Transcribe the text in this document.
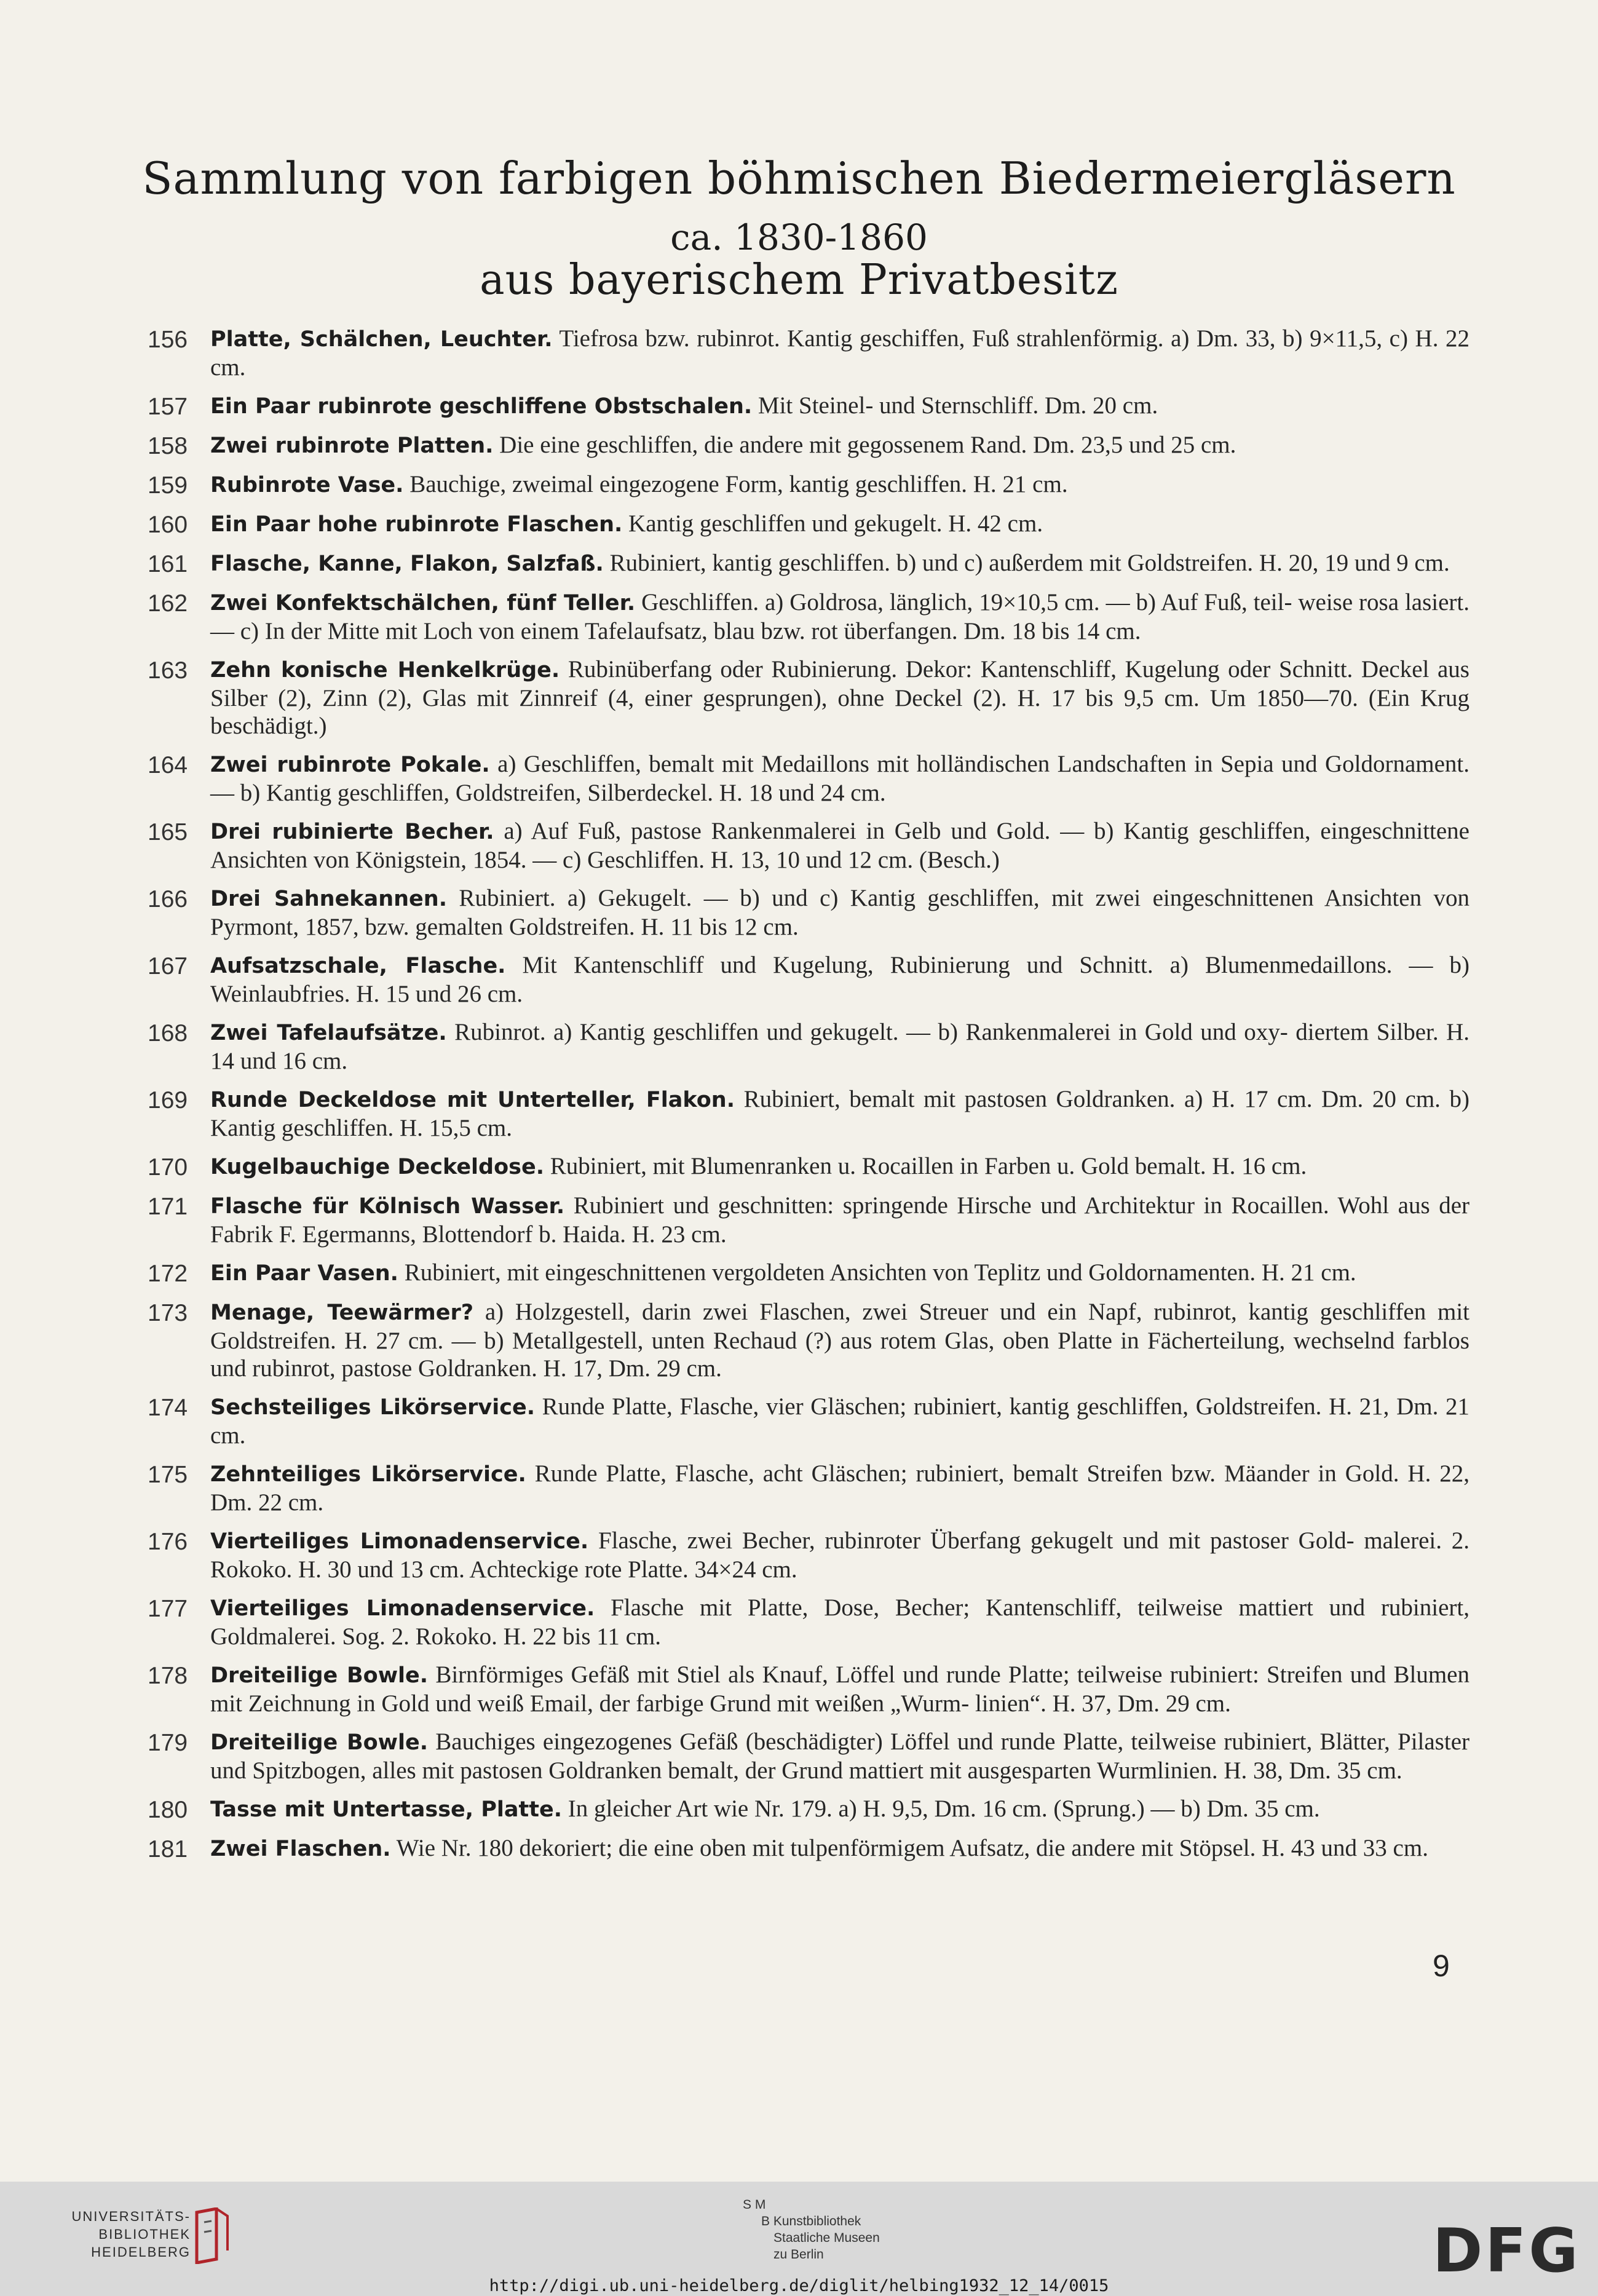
Sammlung von farbigen böhmischen Biedermeiergläsern
ca. 1830-1860
aus bayerischem Privatbesitz
156 Platte, Schälchen, Leuchter. Tiefrosa bzw. rubinrot. Kantig geschiffen, Fuß strahlenförmig. a) Dm. 33, b) 9×11,5, c) H. 22 cm.
157 Ein Paar rubinrote geschliffene Obstschalen. Mit Steinel- und Sternschliff. Dm. 20 cm.
158 Zwei rubinrote Platten. Die eine geschliffen, die andere mit gegossenem Rand. Dm. 23,5 und 25 cm.
159 Rubinrote Vase. Bauchige, zweimal eingezogene Form, kantig geschliffen. H. 21 cm.
160 Ein Paar hohe rubinrote Flaschen. Kantig geschliffen und gekugelt. H. 42 cm.
161 Flasche, Kanne, Flakon, Salzfaß. Rubiniert, kantig geschliffen. b) und c) außerdem mit Goldstreifen. H. 20, 19 und 9 cm.
162 Zwei Konfektschälchen, fünf Teller. Geschliffen. a) Goldrosa, länglich, 19×10,5 cm. — b) Auf Fuß, teil- weise rosa lasiert. — c) In der Mitte mit Loch von einem Tafelaufsatz, blau bzw. rot überfangen. Dm. 18 bis 14 cm.
163 Zehn konische Henkelkrüge. Rubinüberfang oder Rubinierung. Dekor: Kantenschliff, Kugelung oder Schnitt. Deckel aus Silber (2), Zinn (2), Glas mit Zinnreif (4, einer gesprungen), ohne Deckel (2). H. 17 bis 9,5 cm. Um 1850—70. (Ein Krug beschädigt.)
164 Zwei rubinrote Pokale. a) Geschliffen, bemalt mit Medaillons mit holländischen Landschaften in Sepia und Goldornament. — b) Kantig geschliffen, Goldstreifen, Silberdeckel. H. 18 und 24 cm.
165 Drei rubinierte Becher. a) Auf Fuß, pastose Rankenmalerei in Gelb und Gold. — b) Kantig geschliffen, eingeschnittene Ansichten von Königstein, 1854. — c) Geschliffen. H. 13, 10 und 12 cm. (Besch.)
166 Drei Sahnekannen. Rubiniert. a) Gekugelt. — b) und c) Kantig geschliffen, mit zwei eingeschnittenen Ansichten von Pyrmont, 1857, bzw. gemalten Goldstreifen. H. 11 bis 12 cm.
167 Aufsatzschale, Flasche. Mit Kantenschliff und Kugelung, Rubinierung und Schnitt. a) Blumenmedaillons. — b) Weinlaubfries. H. 15 und 26 cm.
168 Zwei Tafelaufsätze. Rubinrot. a) Kantig geschliffen und gekugelt. — b) Rankenmalerei in Gold und oxy- diertem Silber. H. 14 und 16 cm.
169 Runde Deckeldose mit Unterteller, Flakon. Rubiniert, bemalt mit pastosen Goldranken. a) H. 17 cm. Dm. 20 cm. b) Kantig geschliffen. H. 15,5 cm.
170 Kugelbauchige Deckeldose. Rubiniert, mit Blumenranken u. Rocaillen in Farben u. Gold bemalt. H. 16 cm.
171 Flasche für Kölnisch Wasser. Rubiniert und geschnitten: springende Hirsche und Architektur in Rocaillen. Wohl aus der Fabrik F. Egermanns, Blottendorf b. Haida. H. 23 cm.
172 Ein Paar Vasen. Rubiniert, mit eingeschnittenen vergoldeten Ansichten von Teplitz und Goldornamenten. H. 21 cm.
173 Menage, Teewärmer? a) Holzgestell, darin zwei Flaschen, zwei Streuer und ein Napf, rubinrot, kantig geschliffen mit Goldstreifen. H. 27 cm. — b) Metallgestell, unten Rechaud (?) aus rotem Glas, oben Platte in Fächerteilung, wechselnd farblos und rubinrot, pastose Goldranken. H. 17, Dm. 29 cm.
174 Sechsteiliges Likörservice. Runde Platte, Flasche, vier Gläschen; rubiniert, kantig geschliffen, Goldstreifen. H. 21, Dm. 21 cm.
175 Zehnteiliges Likörservice. Runde Platte, Flasche, acht Gläschen; rubiniert, bemalt Streifen bzw. Mäander in Gold. H. 22, Dm. 22 cm.
176 Vierteiliges Limonadenservice. Flasche, zwei Becher, rubinroter Überfang gekugelt und mit pastoser Gold- malerei. 2. Rokoko. H. 30 und 13 cm. Achteckige rote Platte. 34×24 cm.
177 Vierteiliges Limonadenservice. Flasche mit Platte, Dose, Becher; Kantenschliff, teilweise mattiert und rubiniert, Goldmalerei. Sog. 2. Rokoko. H. 22 bis 11 cm.
178 Dreiteilige Bowle. Birnförmiges Gefäß mit Stiel als Knauf, Löffel und runde Platte; teilweise rubiniert: Streifen und Blumen mit Zeichnung in Gold und weiß Email, der farbige Grund mit weißen „Wurm- linien“. H. 37, Dm. 29 cm.
179 Dreiteilige Bowle. Bauchiges eingezogenes Gefäß (beschädigter) Löffel und runde Platte, teilweise rubiniert, Blätter, Pilaster und Spitzbogen, alles mit pastosen Goldranken bemalt, der Grund mattiert mit ausgesparten Wurmlinien. H. 38, Dm. 35 cm.
180 Tasse mit Untertasse, Platte. In gleicher Art wie Nr. 179. a) H. 9,5, Dm. 16 cm. (Sprung.) — b) Dm. 35 cm.
181 Zwei Flaschen. Wie Nr. 180 dekoriert; die eine oben mit tulpenförmigem Aufsatz, die andere mit Stöpsel. H. 43 und 33 cm.
9
UNIVERSITÄTS-
BIBLIOTHEK
HEIDELBERG
S M
B Kunstbibliothek
Staatliche Museen
zu Berlin	DFG
http://digi.ub.uni-heidelberg.de/diglit/helbing1932_12_14/0015
